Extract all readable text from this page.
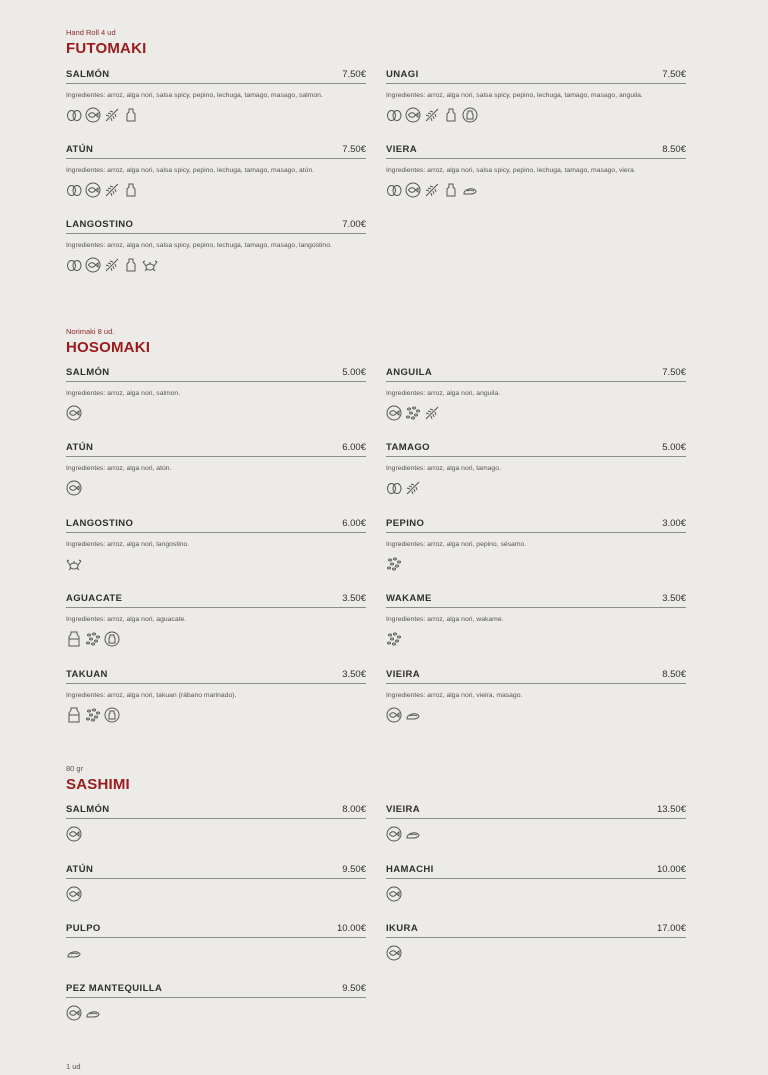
Hand Roll 4 ud

FUTOMAKI
SALMÓN	7.50€
Ingredientes: arroz, alga nori, salsa spicy, pepino, lechuga, tamago, masago, salmon.
UNAGI	7.50€
Ingredientes: arroz, alga nori, salsa spicy, pepino, lechuga, tamago, masago, anguila.
ATÚN	7.50€
Ingredientes: arroz, alga nori, salsa spicy, pepino, lechuga, tamago, masago, atún.
VIERA	8.50€
Ingredientes: arroz, alga nori, salsa spicy, pepino, lechuga, tamago, masago, viera.
LANGOSTINO	7.00€
Ingredientes: arroz, alga nori, salsa spicy, pepino, lechuga, tamago, masago, langostino.

Norimaki 8 ud.

HOSOMAKI
SALMÓN	5.00€
Ingredientes: arroz, alga nori, salmon.
ANGUILA	7.50€
Ingredientes: arroz, alga nori, anguila.
ATÚN	6.00€
Ingredientes: arroz, alga nori, atún.
TAMAGO	5.00€
Ingredientes: arroz, alga nori, tamago.
LANGOSTINO	6.00€
Ingredientes: arroz, alga nori, langostino.
PEPINO	3.00€
Ingredientes: arroz, alga nori, pepino, sésamo.
AGUACATE	3.50€
Ingredientes: arroz, alga nori, aguacate.
WAKAME	3.50€
Ingredientes: arroz, alga nori, wakame.
TAKUAN	3.50€
Ingredientes: arroz, alga nori, takuan (rábano marinado).
VIEIRA	8.50€
Ingredientes: arroz, alga nori, vieira, masago.

80 gr

SASHIMI
SALMÓN	8.00€ VIEIRA	13.50€
ATÚN	9.50€ HAMACHI	10.00€
PULPO	10.00€ IKURA	17.00€
PEZ MANTEQUILLA	9.50€
1 ud
